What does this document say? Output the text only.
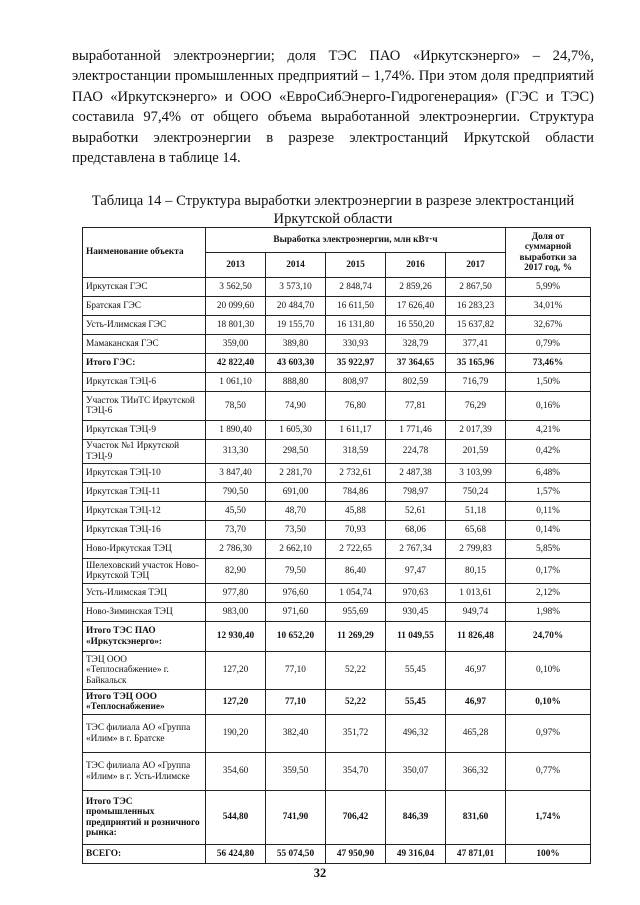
выработанной электроэнергии; доля ТЭС ПАО «Иркутскэнерго» – 24,7%, электростанции промышленных предприятий – 1,74%. При этом доля предприятий ПАО «Иркутскэнерго» и ООО «ЕвроСибЭнерго-Гидрогенерация» (ГЭС и ТЭС) составила 97,4% от общего объема выработанной электроэнергии. Структура выработки электроэнергии в разрезе электростанций Иркутской области представлена в таблице 14.

Таблица 14 – Структура выработки электроэнергии в разрезе электростанций Иркутской области

Наименование объекта	Выработка электроэнергии, млн кВт·ч					Доля от суммарной выработки за 2017 год, %
	2013	2014	2015	2016	2017	
Иркутская ГЭС	3 562,50	3 573,10	2 848,74	2 859,26	2 867,50	5,99%
Братская ГЭС	20 099,60	20 484,70	16 611,50	17 626,40	16 283,23	34,01%
Усть-Илимская ГЭС	18 801,30	19 155,70	16 131,80	16 550,20	15 637,82	32,67%
Мамаканская ГЭС	359,00	389,80	330,93	328,79	377,41	0,79%
Итого ГЭС:	42 822,40	43 603,30	35 922,97	37 364,65	35 165,96	73,46%
Иркутская ТЭЦ-6	1 061,10	888,80	808,97	802,59	716,79	1,50%
Участок ТИиТС Иркутской ТЭЦ-6	78,50	74,90	76,80	77,81	76,29	0,16%
Иркутская ТЭЦ-9	1 890,40	1 605,30	1 611,17	1 771,46	2 017,39	4,21%
Участок №1 Иркутской ТЭЦ-9	313,30	298,50	318,59	224,78	201,59	0,42%
Иркутская ТЭЦ-10	3 847,40	2 281,70	2 732,61	2 487,38	3 103,99	6,48%
Иркутская ТЭЦ-11	790,50	691,00	784,86	798,97	750,24	1,57%
Иркутская ТЭЦ-12	45,50	48,70	45,88	52,61	51,18	0,11%
Иркутская ТЭЦ-16	73,70	73,50	70,93	68,06	65,68	0,14%
Ново-Иркутская ТЭЦ	2 786,30	2 662,10	2 722,65	2 767,34	2 799,83	5,85%
Шелеховский участок Ново-Иркутской ТЭЦ	82,90	79,50	86,40	97,47	80,15	0,17%
Усть-Илимская ТЭЦ	977,80	976,60	1 054,74	970,63	1 013,61	2,12%
Ново-Зиминская ТЭЦ	983,00	971,60	955,69	930,45	949,74	1,98%
Итого ТЭС ПАО «Иркутскэнерго»:	12 930,40	10 652,20	11 269,29	11 049,55	11 826,48	24,70%
ТЭЦ ООО «Теплоснабжение» г. Байкальск	127,20	77,10	52,22	55,45	46,97	0,10%
Итого ТЭЦ ООО «Теплоснабжение»	127,20	77,10	52,22	55,45	46,97	0,10%
ТЭС филиала АО «Группа «Илим» в г. Братске	190,20	382,40	351,72	496,32	465,28	0,97%
ТЭС филиала АО «Группа «Илим» в г. Усть-Илимске	354,60	359,50	354,70	350,07	366,32	0,77%
Итого ТЭС промышленных предприятий и розничного рынка:	544,80	741,90	706,42	846,39	831,60	1,74%
ВСЕГО:	56 424,80	55 074,50	47 950,90	49 316,04	47 871,01	100%
32
